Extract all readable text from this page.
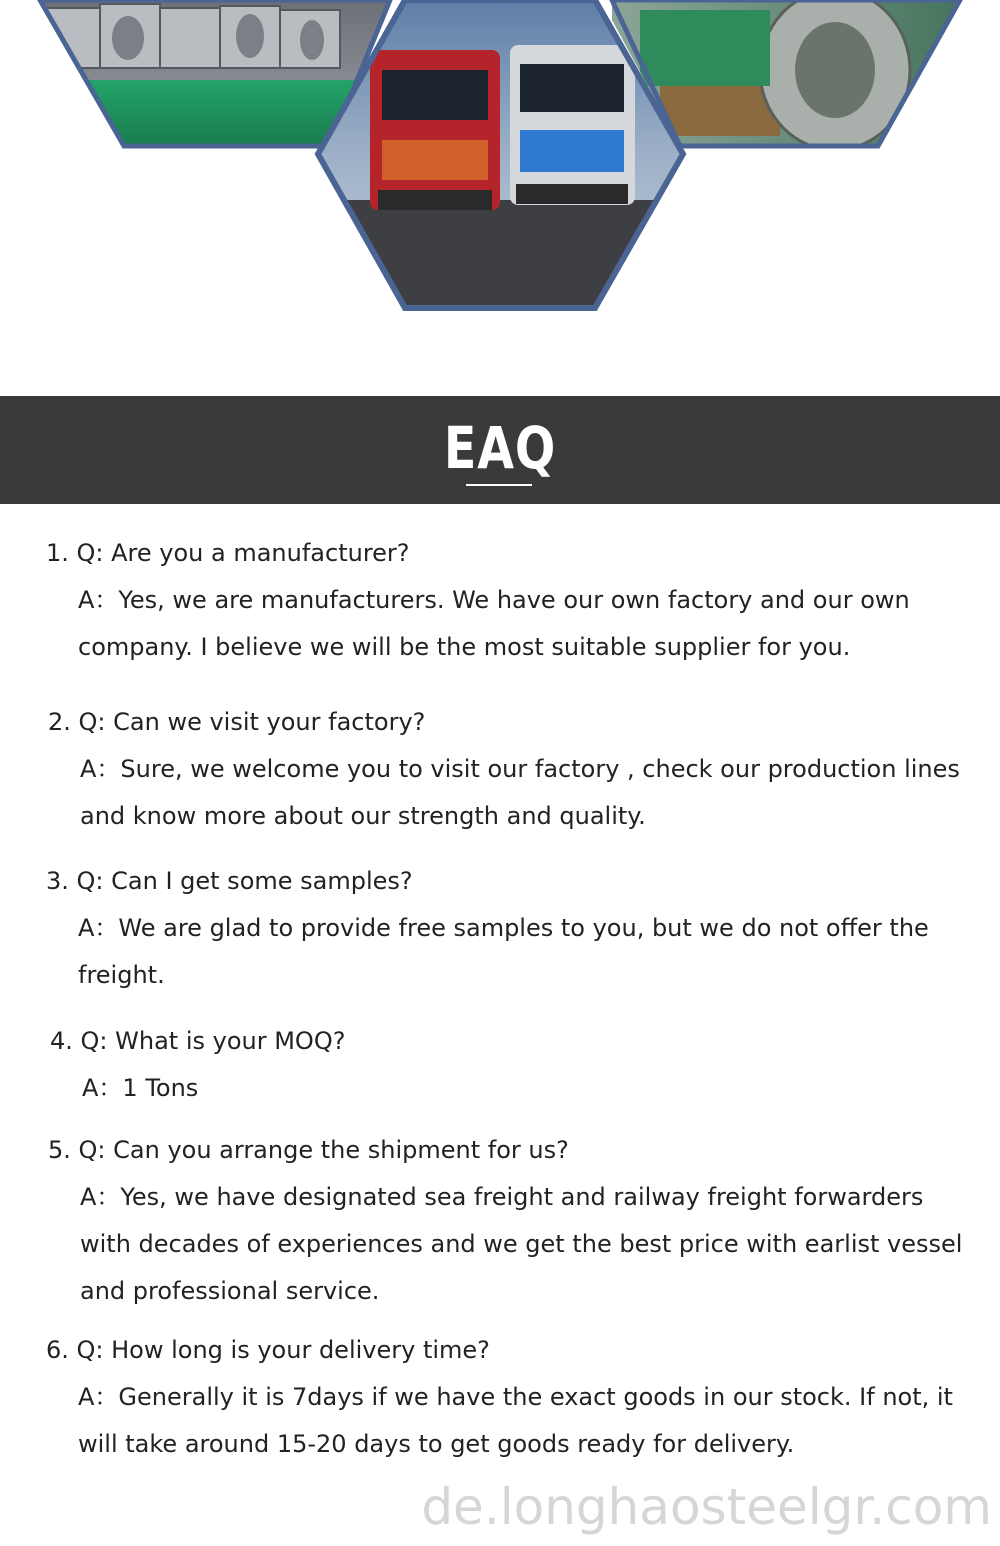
EAQ
1. Q: Are you a manufacturer?
A：Yes, we are manufacturers. We have our own factory and our own company. I believe we will be the most suitable supplier for you.
2. Q: Can we visit your factory?
A：Sure, we welcome you to visit our factory , check our production lines and know more about our strength and quality.
3. Q: Can I get some samples?
A：We are glad to provide free samples to you, but we do not offer the freight.
4. Q: What is your MOQ?
A：1 Tons
5. Q: Can you arrange the shipment for us?
A：Yes, we have designated sea freight and railway freight forwarders with decades of experiences and we get the best price with earlist vessel and professional service.
6. Q: How long is your delivery time?
A：Generally it is 7days if we have the exact goods in our stock. If not, it will take around 15-20 days to get goods ready for delivery.
de.longhaosteelgr.com
